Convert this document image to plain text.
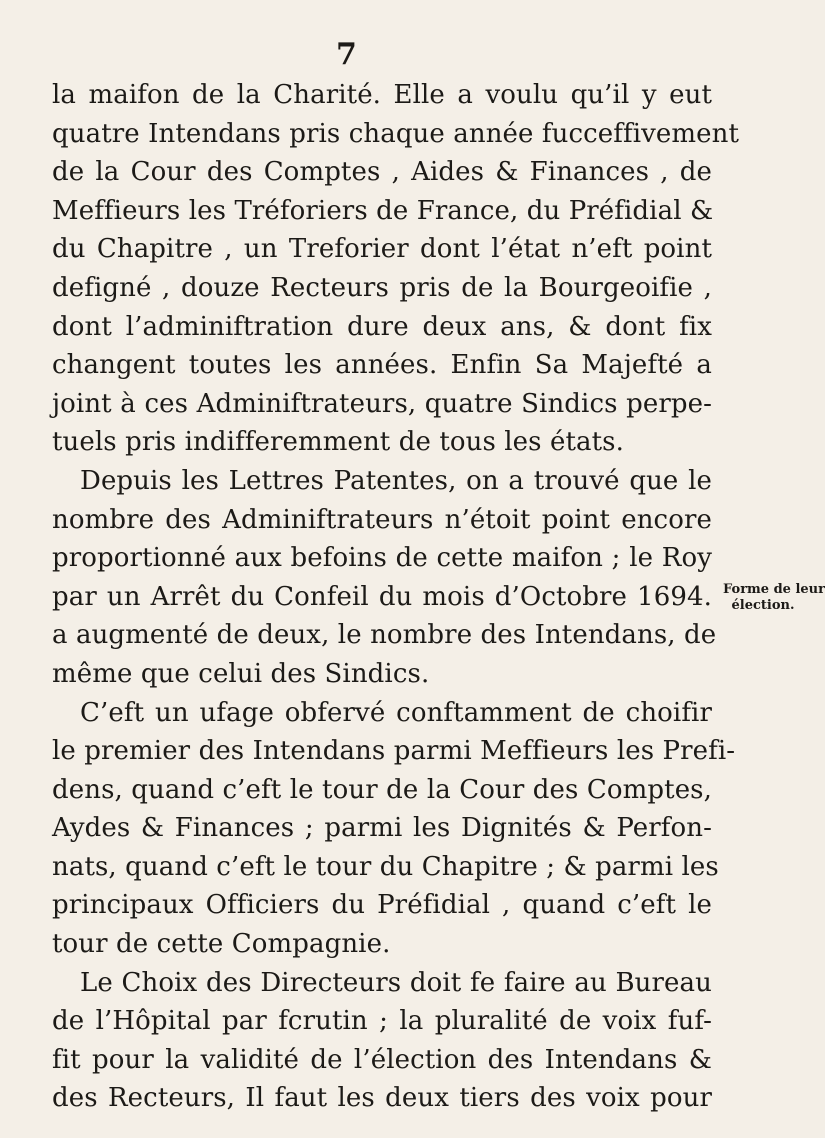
7
la maifon de la Charité. Elle a voulu qu’il y eut
quatre Intendans pris chaque année fucceffivement
de la Cour des Comptes , Aides & Finances , de
Meffieurs les Tréforiers de France, du Préfidial &
du Chapitre , un Treforier dont l’état n’eft point
defigné , douze Recteurs pris de la Bourgeoifie ,
dont l’adminiftration dure deux ans, & dont fix
changent toutes les années. Enfin Sa Majefté a
joint à ces Adminiftrateurs, quatre Sindics perpe-
tuels pris indifferemment de tous les états.
Depuis les Lettres Patentes, on a trouvé que le
nombre des Adminiftrateurs n’étoit point encore
proportionné aux befoins de cette maifon ; le Roy
par un Arrêt du Confeil du mois d’Octobre 1694.
a augmenté de deux, le nombre des Intendans, de
même que celui des Sindics.
C’eft un ufage obfervé conftamment de choifir
le premier des Intendans parmi Meffieurs les Prefi-
dens, quand c’eft le tour de la Cour des Comptes,
Aydes & Finances ; parmi les Dignités & Perfon-
nats, quand c’eft le tour du Chapitre ; & parmi les
principaux Officiers du Préfidial , quand c’eft le
tour de cette Compagnie.
Le Choix des Directeurs doit fe faire au Bureau
de l’Hôpital par fcrutin ; la pluralité de voix fuf-
fit pour la validité de l’élection des Intendans &
des Recteurs, Il faut les deux tiers des voix pour
Forme de leur
élection.
